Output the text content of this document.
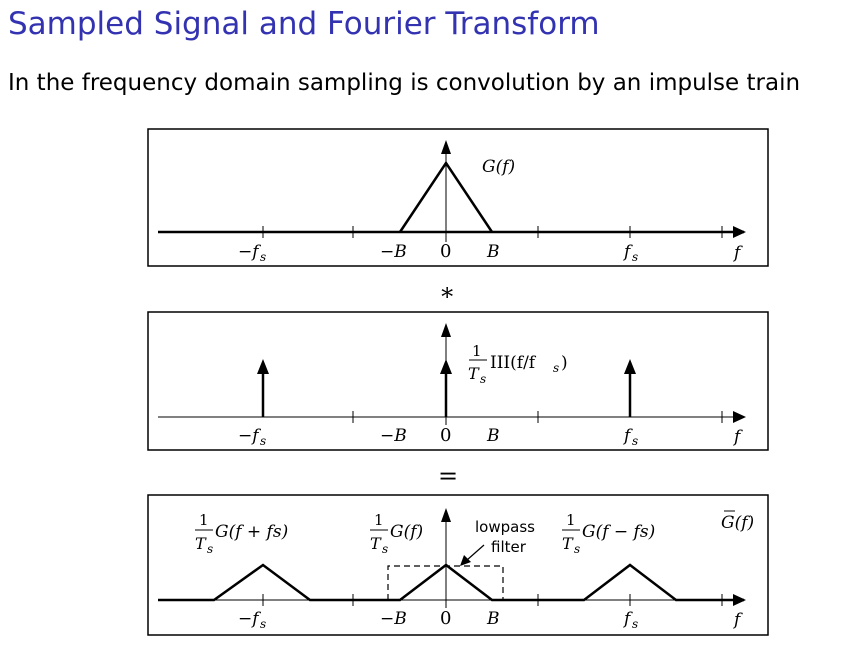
Sampled Signal and Fourier Transform
In the frequency domain sampling is convolution by an impulse train
G(f)
−f s	−B 0 B	f s	f
∗
1
T s
III(f/f s )
−f s	−B 0 B	f s	f
=
lowpass
filter
1
T s
G(f + fs)
1
T s
G(f)
1
T s
G(f − fs)	G(f)
−f s	−B 0 B	f s	f
